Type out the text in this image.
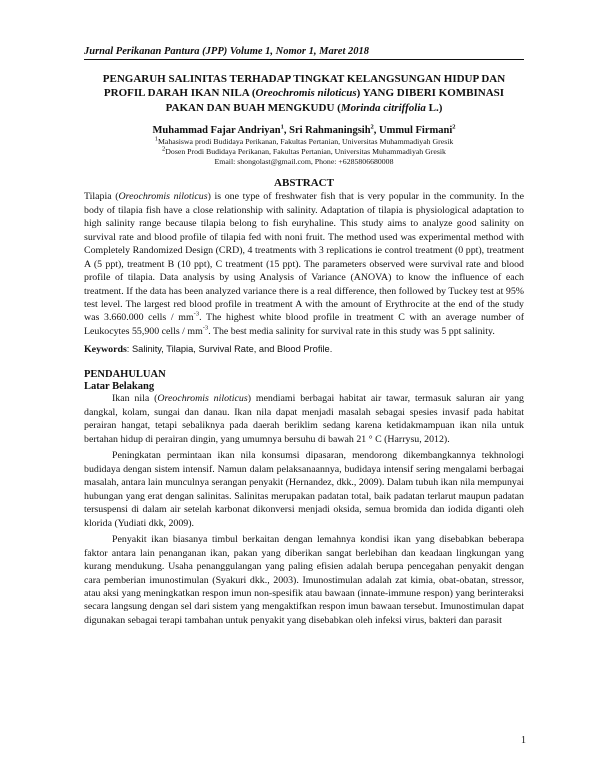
Jurnal Perikanan Pantura (JPP) Volume 1, Nomor 1, Maret 2018
PENGARUH SALINITAS TERHADAP TINGKAT KELANGSUNGAN HIDUP DAN PROFIL DARAH IKAN NILA (Oreochromis niloticus) YANG DIBERI KOMBINASI PAKAN DAN BUAH MENGKUDU (Morinda citriffolia L.)
Muhammad Fajar Andriyan$^1$, Sri Rahmaningsih$^2$, Ummul Firmani$^2$
$^1$Mahasiswa prodi Budidaya Perikanan, Fakultas Pertanian, Universitas Muhammadiyah Gresik
$^2$Dosen Prodi Budidaya Perikanan, Fakultas Pertanian, Universitas Muhammadiyah Gresik
Email: shongolast@gmail.com, Phone: +6285806680008
ABSTRACT

Tilapia (Oreochromis niloticus) is one type of freshwater fish that is very popular in the community. In the body of tilapia fish have a close relationship with salinity. Adaptation of tilapia is physiological adaptation to high salinity range because tilapia belong to fish euryhaline. This study aims to analyze good salinity on survival rate and blood profile of tilapia fed with noni fruit. The method used was experimental method with Completely Randomized Design (CRD), 4 treatments with 3 replications ie control treatment (0 ppt), treatment A (5 ppt), treatment B (10 ppt), C treatment (15 ppt). The parameters observed were survival rate and blood profile of tilapia. Data analysis by using Analysis of Variance (ANOVA) to know the influence of each treatment. If the data has been analyzed variance there is a real difference, then followed by Tuckey test at 95% test level. The largest red blood profile in treatment A with the amount of Erythrocite at the end of the study was 3.660.000 cells / $mm^{-3}$. The highest white blood profile in treatment C with an average number of Leukocytes 55,900 cells / $mm^{-3}$. The best media salinity for survival rate in this study was 5 ppt salinity.

Keywords: Salinity, Tilapia, Survival Rate, and Blood Profile.
PENDAHULUAN
Latar Belakang

Ikan nila (Oreochromis niloticus) mendiami berbagai habitat air tawar, termasuk saluran air yang dangkal, kolam, sungai dan danau. Ikan nila dapat menjadi masalah sebagai spesies invasif pada habitat perairan hangat, tetapi sebaliknya pada daerah beriklim sedang karena ketidakmampuan ikan nila untuk bertahan hidup di perairan dingin, yang umumnya bersuhu di bawah 21 ° C (Harrysu, 2012).

Peningkatan permintaan ikan nila konsumsi dipasaran, mendorong dikembangkannya tekhnologi budidaya dengan sistem intensif. Namun dalam pelaksanaannya, budidaya intensif sering mengalami berbagai masalah, antara lain munculnya serangan penyakit (Hernandez, dkk., 2009). Dalam tubuh ikan nila mempunyai hubungan yang erat dengan salinitas. Salinitas merupakan padatan total, baik padatan terlarut maupun padatan tersuspensi di dalam air setelah karbonat dikonversi menjadi oksida, semua bromida dan iodida diganti oleh klorida (Yudiati dkk, 2009).

Penyakit ikan biasanya timbul berkaitan dengan lemahnya kondisi ikan yang disebabkan beberapa faktor antara lain penanganan ikan, pakan yang diberikan sangat berlebihan dan keadaan lingkungan yang kurang mendukung. Usaha penanggulangan yang paling efisien adalah berupa pencegahan penyakit dengan cara pemberian imunostimulan (Syakuri dkk., 2003). Imunostimulan adalah zat kimia, obat-obatan, stressor, atau aksi yang meningkatkan respon imun non-spesifik atau bawaan (innate-immune respon) yang berinteraksi secara langsung dengan sel dari sistem yang mengaktifkan respon imun bawaan tersebut. Imunostimulan dapat digunakan sebagai terapi tambahan untuk penyakit yang disebabkan oleh infeksi virus, bakteri dan parasit

1
